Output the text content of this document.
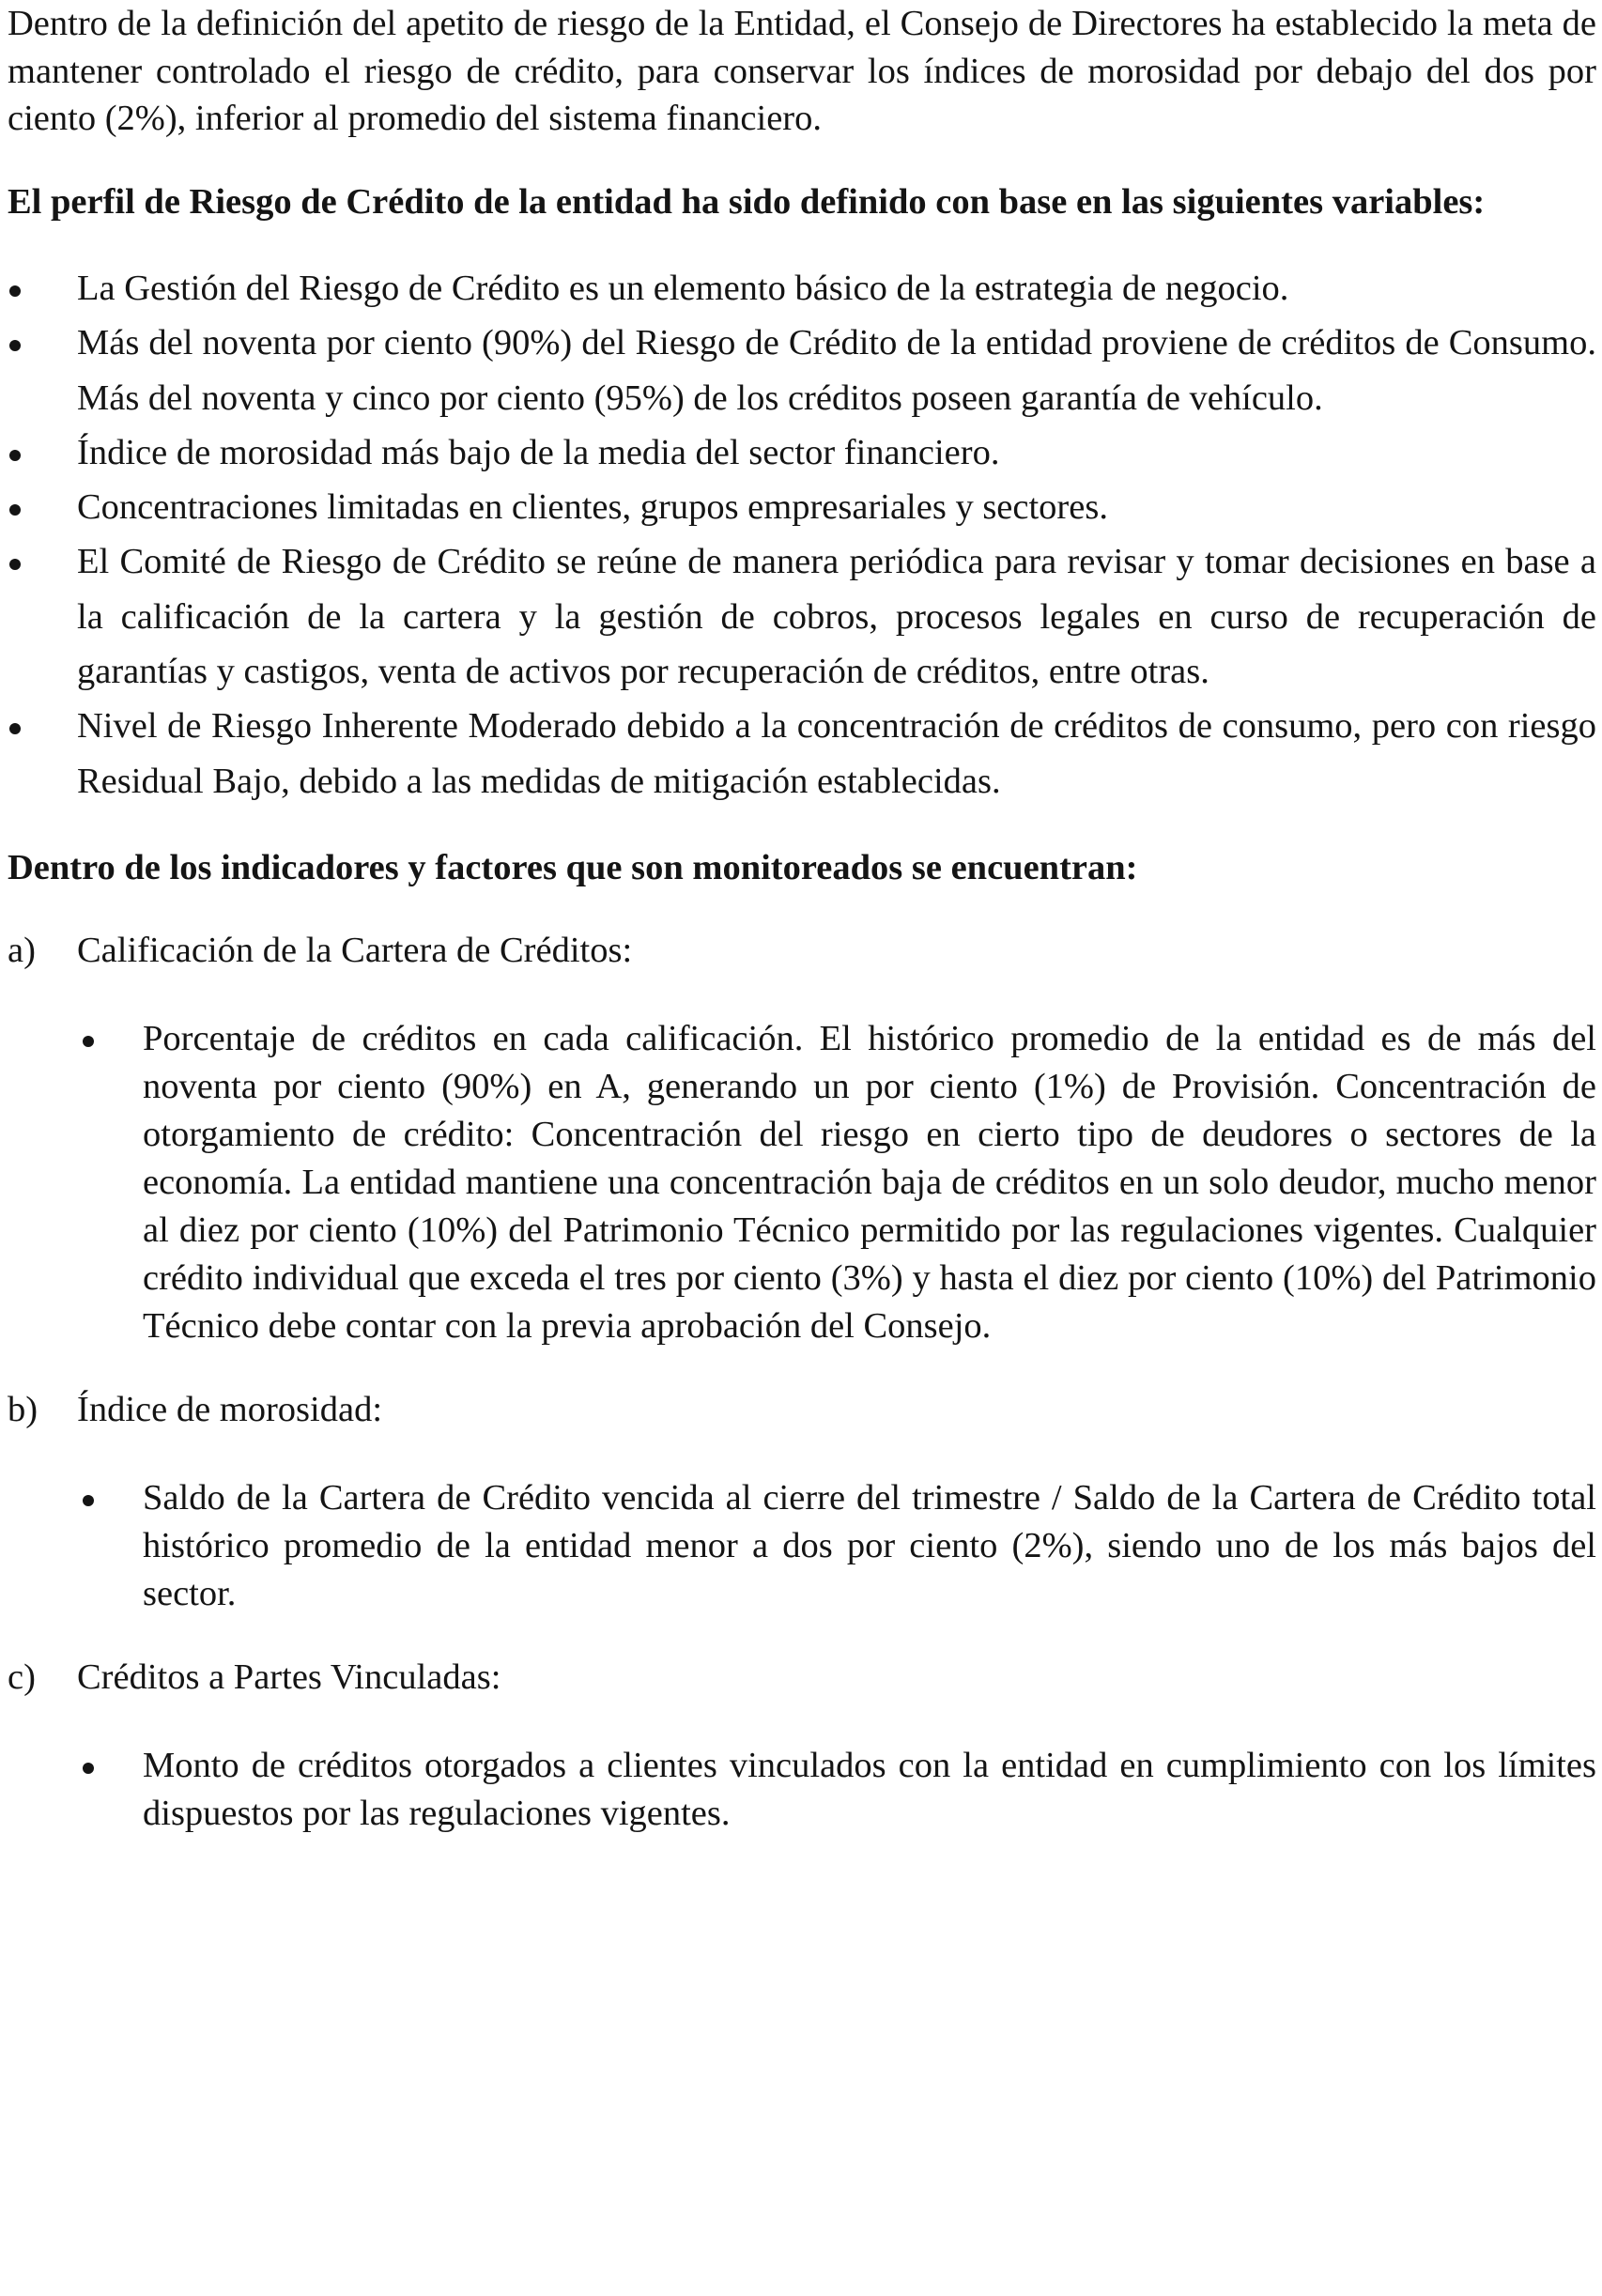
Dentro de la definición del apetito de riesgo de la Entidad, el Consejo de Directores ha establecido la meta de mantener controlado el riesgo de crédito, para conservar los índices de morosidad por debajo del dos por ciento (2%), inferior al promedio del sistema financiero.

El perfil de Riesgo de Crédito de la entidad ha sido definido con base en las siguientes variables:

La Gestión del Riesgo de Crédito es un elemento básico de la estrategia de negocio.
Más del noventa por ciento (90%) del Riesgo de Crédito de la entidad proviene de créditos de Consumo. Más del noventa y cinco por ciento (95%) de los créditos poseen garantía de vehículo.
Índice de morosidad más bajo de la media del sector financiero.
Concentraciones limitadas en clientes, grupos empresariales y sectores.
El Comité de Riesgo de Crédito se reúne de manera periódica para revisar y tomar decisiones en base a la calificación de la cartera y la gestión de cobros, procesos legales en curso de recuperación de garantías y castigos, venta de activos por recuperación de créditos, entre otras.
Nivel de Riesgo Inherente Moderado debido a la concentración de créditos de consumo, pero con riesgo Residual Bajo, debido a las medidas de mitigación establecidas.

Dentro de los indicadores y factores que son monitoreados se encuentran:

a) Calificación de la Cartera de Créditos:
Porcentaje de créditos en cada calificación. El histórico promedio de la entidad es de más del noventa por ciento (90%) en A, generando un por ciento (1%) de Provisión. Concentración de otorgamiento de crédito: Concentración del riesgo en cierto tipo de deudores o sectores de la economía. La entidad mantiene una concentración baja de créditos en un solo deudor, mucho menor al diez por ciento (10%) del Patrimonio Técnico permitido por las regulaciones vigentes. Cualquier crédito individual que exceda el tres por ciento (3%) y hasta el diez por ciento (10%) del Patrimonio Técnico debe contar con la previa aprobación del Consejo.
b) Índice de morosidad:
Saldo de la Cartera de Crédito vencida al cierre del trimestre / Saldo de la Cartera de Crédito total histórico promedio de la entidad menor a dos por ciento (2%), siendo uno de los más bajos del sector.
c) Créditos a Partes Vinculadas:
Monto de créditos otorgados a clientes vinculados con la entidad en cumplimiento con los límites dispuestos por las regulaciones vigentes.
